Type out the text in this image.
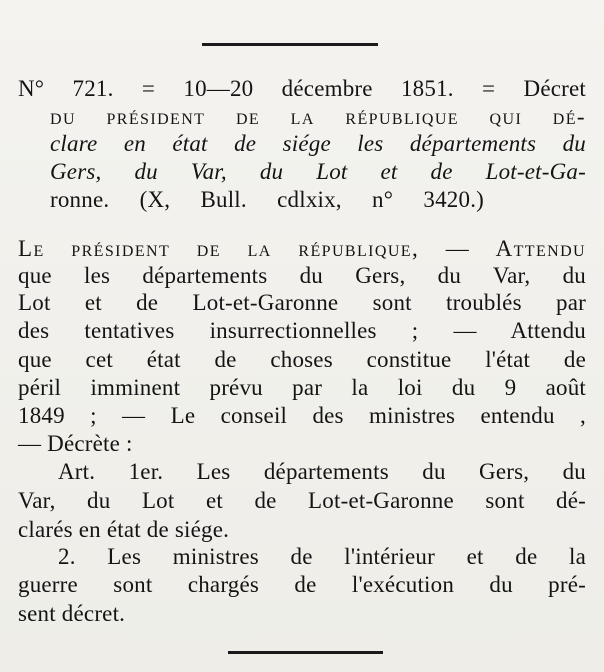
N° 721. = 10—20 décembre 1851. = Décret
du président de la république qui dé-
clare en état de siége les départements du
Gers, du Var, du Lot et de Lot-et-Ga-
ronne. (X, Bull. cdlxix, n° 3420.)
Le président de la république, — Attendu
que les départements du Gers, du Var, du
Lot et de Lot-et-Garonne sont troublés par
des tentatives insurrectionnelles ; — Attendu
que cet état de choses constitue l'état de
péril imminent prévu par la loi du 9 août
1849 ; — Le conseil des ministres entendu ,
— Décrète :
Art. 1er. Les départements du Gers, du
Var, du Lot et de Lot-et-Garonne sont dé-
clarés en état de siége.
2. Les ministres de l'intérieur et de la
guerre sont chargés de l'exécution du pré-
sent décret.
